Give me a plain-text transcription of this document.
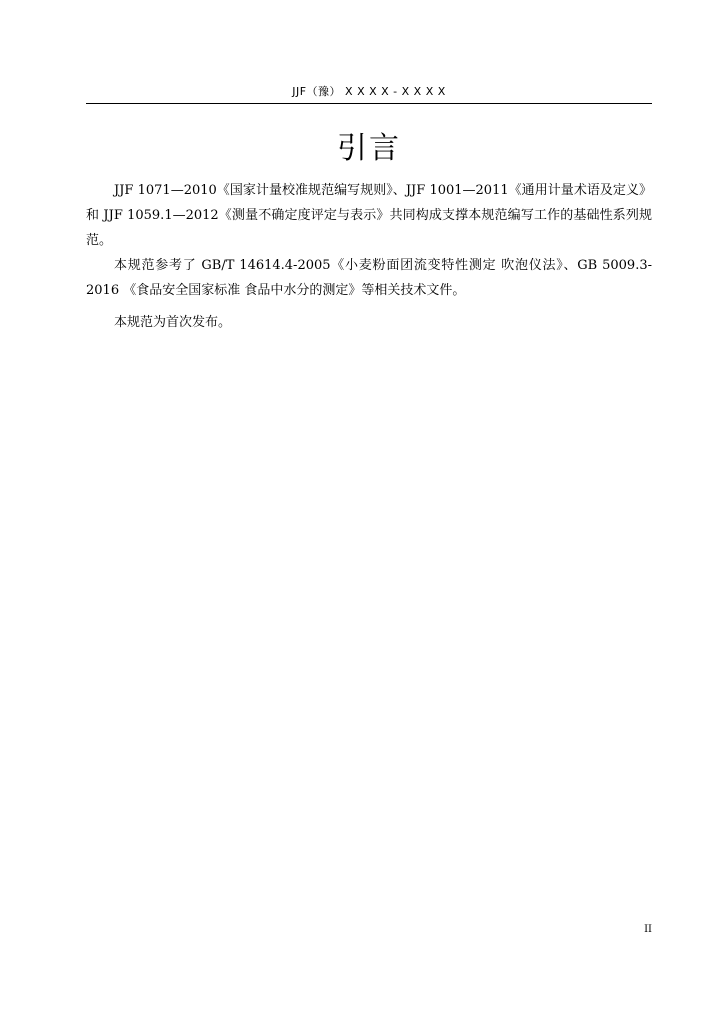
JJF（豫） X X X X - X X X X
引言

JJF 1071—2010《国家计量校准规范编写规则》、JJF 1001—2011《通用计量术语及定义》和 JJF 1059.1—2012《测量不确定度评定与表示》共同构成支撑本规范编写工作的基础性系列规范。

本规范参考了 GB/T 14614.4-2005《小麦粉面团流变特性测定 吹泡仪法》、GB 5009.3-2016 《食品安全国家标准 食品中水分的测定》等相关技术文件。

本规范为首次发布。

II
